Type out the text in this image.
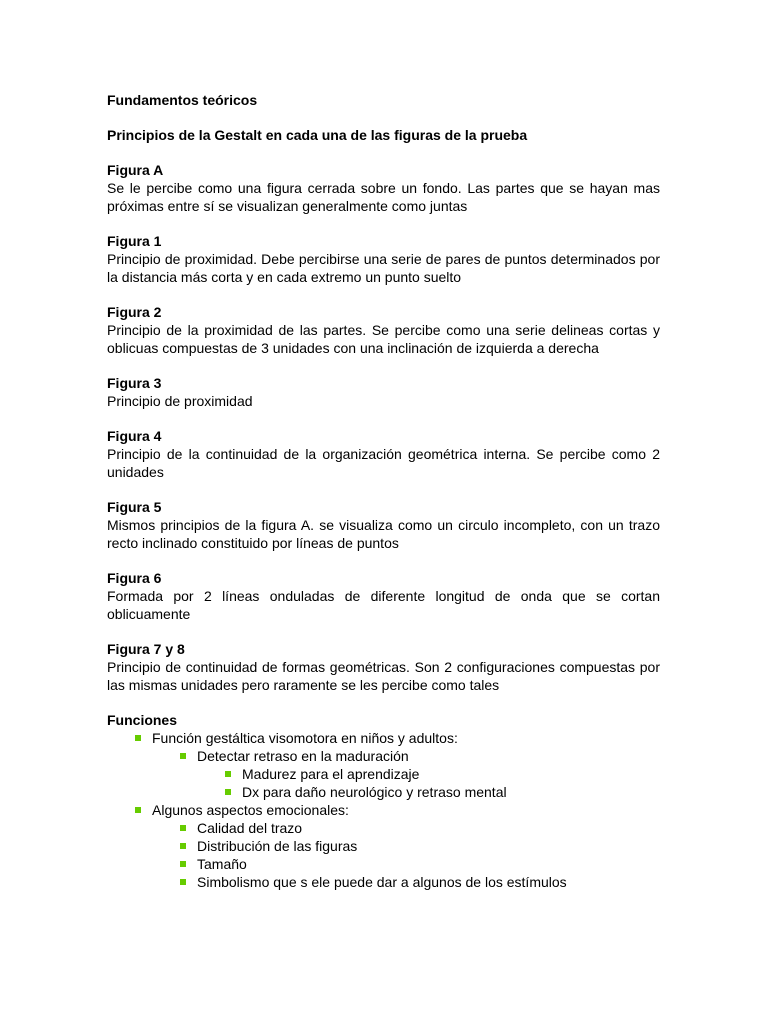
Fundamentos teóricos

Principios de la Gestalt en cada una de las figuras de la prueba

Figura A

Se le percibe como una figura cerrada sobre un fondo. Las partes que se hayan mas próximas entre sí se visualizan generalmente como juntas

Figura 1

Principio de proximidad. Debe percibirse una serie de pares de puntos determinados por la distancia más corta y en cada extremo un punto suelto

Figura 2

Principio de la proximidad de las partes. Se percibe como una serie delineas cortas y oblicuas compuestas de 3 unidades con una inclinación de izquierda a derecha

Figura 3

Principio de proximidad

Figura 4

Principio de la continuidad de la organización geométrica interna. Se percibe como 2 unidades

Figura 5

Mismos principios de la figura A. se visualiza como un circulo incompleto, con un trazo recto inclinado constituido por líneas de puntos

Figura 6

Formada por 2 líneas onduladas de diferente longitud de onda que se cortan oblicuamente

Figura 7 y 8

Principio de continuidad de formas geométricas. Son 2 configuraciones compuestas por las mismas unidades pero raramente se les percibe como tales

Funciones

Función gestáltica visomotora en niños y adultos:
Detectar retraso en la maduración
Madurez para el aprendizaje
Dx para daño neurológico y retraso mental
Algunos aspectos emocionales:
Calidad del trazo
Distribución de las figuras
Tamaño
Simbolismo que s ele puede dar a algunos de los estímulos
